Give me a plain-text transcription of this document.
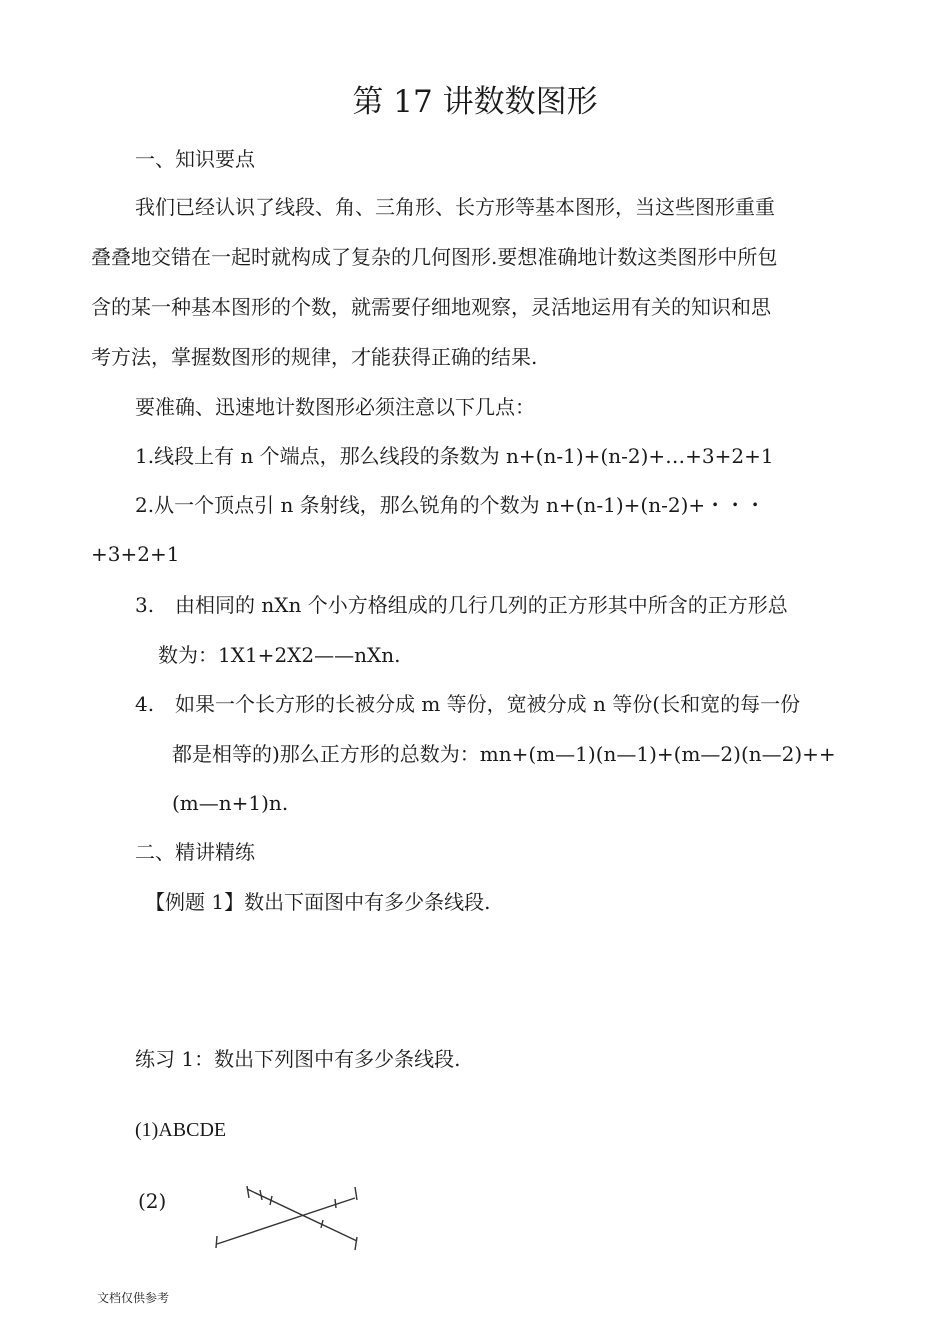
第 17 讲数数图形
一、知识要点
我们已经认识了线段、角、三角形、长方形等基本图形，当这些图形重重
叠叠地交错在一起时就构成了复杂的几何图形.要想准确地计数这类图形中所包
含的某一种基本图形的个数，就需要仔细地观察，灵活地运用有关的知识和思
考方法，掌握数图形的规律，才能获得正确的结果.
要准确、迅速地计数图形必须注意以下几点：
1.线段上有 n 个端点，那么线段的条数为 n+(n-1)+(n-2)+…+3+2+1
2.从一个顶点引 n 条射线，那么锐角的个数为 n+(n-1)+(n-2)+・・・
+3+2+1
3. 由相同的 nXn 个小方格组成的几行几列的正方形其中所含的正方形总
数为：1X1+2X2——nXn.
4. 如果一个长方形的长被分成 m 等份，宽被分成 n 等份(长和宽的每一份
都是相等的)那么正方形的总数为：mn+(m—1)(n—1)+(m—2)(n—2)++
(m—n+1)n.
二、精讲精练
【例题 1】数出下面图中有多少条线段.
练习 1：数出下列图中有多少条线段.
(1)ABCDE
(2)
文档仅供参考
